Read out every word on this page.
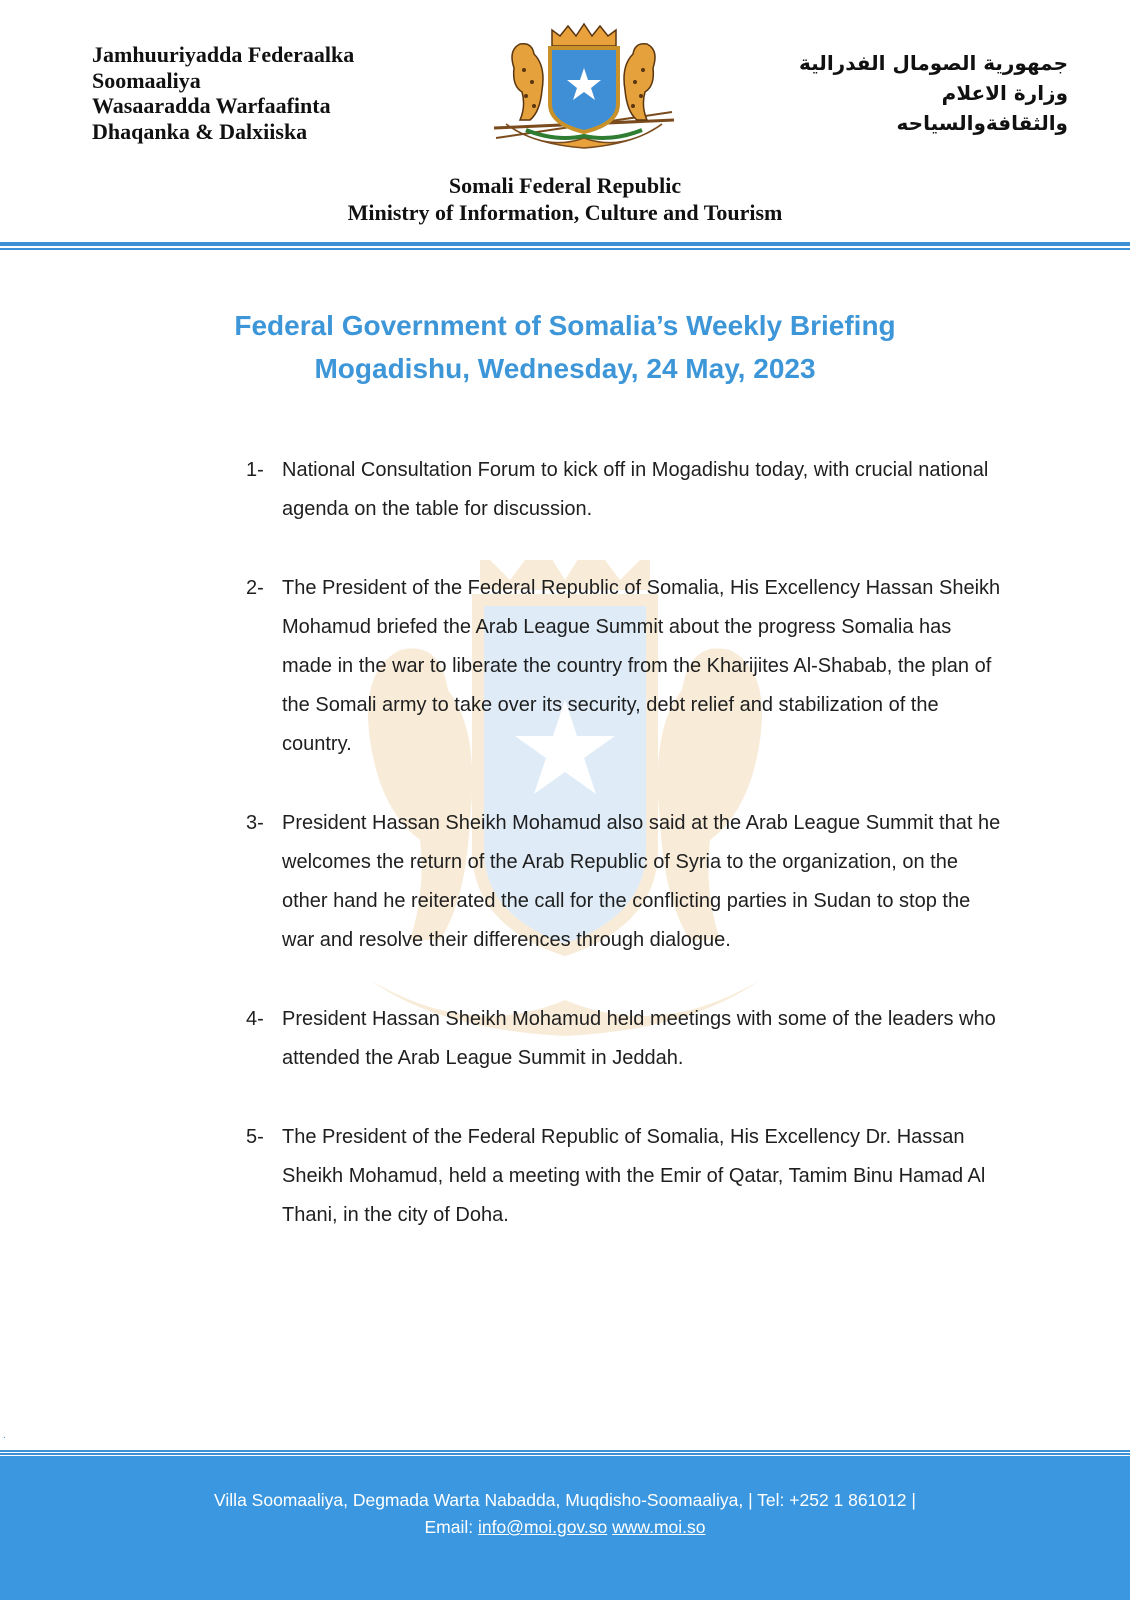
Jamhuuriyadda Federaalka
Soomaaliya
Wasaaradda Warfaafinta
Dhaqanka & Dalxiiska
جمهورية الصومال الفدرالية
وزارة الاعلام
والثقافةوالسياحه
Somali Federal Republic
Ministry of Information, Culture and Tourism
Federal Government of Somalia’s Weekly Briefing
Mogadishu, Wednesday, 24 May, 2023
1- National Consultation Forum to kick off in Mogadishu today, with crucial national agenda on the table for discussion.
2- The President of the Federal Republic of Somalia, His Excellency Hassan Sheikh Mohamud briefed the Arab League Summit about the progress Somalia has made in the war to liberate the country from the Kharijites Al-Shabab, the plan of the Somali army to take over its security, debt relief and stabilization of the country.
3- President Hassan Sheikh Mohamud also said at the Arab League Summit that he welcomes the return of the Arab Republic of Syria to the organization, on the other hand he reiterated the call for the conflicting parties in Sudan to stop the war and resolve their differences through dialogue.
4- President Hassan Sheikh Mohamud held meetings with some of the leaders who attended the Arab League Summit in Jeddah.
5- The President of the Federal Republic of Somalia, His Excellency Dr. Hassan Sheikh Mohamud, held a meeting with the Emir of Qatar, Tamim Binu Hamad Al Thani, in the city of Doha.
.
Villa Soomaaliya, Degmada Warta Nabadda, Muqdisho-Soomaaliya, | Tel: +252 1 861012 |
Email: info@moi.gov.so www.moi.so
